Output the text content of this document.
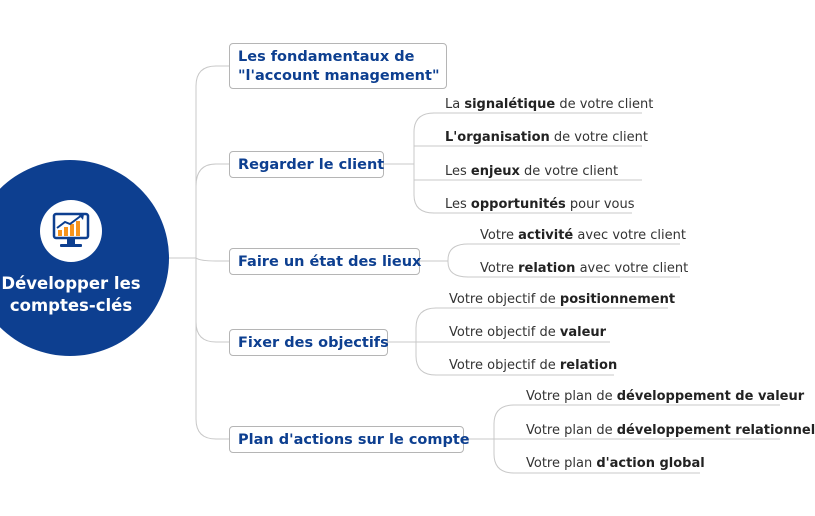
Développer les
comptes-clés
Les fondamentaux de
"l'account management"
Regarder le client
Faire un état des lieux
Fixer des objectifs
Plan d'actions sur le compte
La signalétique de votre client
L'organisation de votre client
Les enjeux de votre client
Les opportunités pour vous
Votre activité avec votre client
Votre relation avec votre client
Votre objectif de positionnement
Votre objectif de valeur
Votre objectif de relation
Votre plan de développement de valeur
Votre plan de développement relationnel
Votre plan d'action global
